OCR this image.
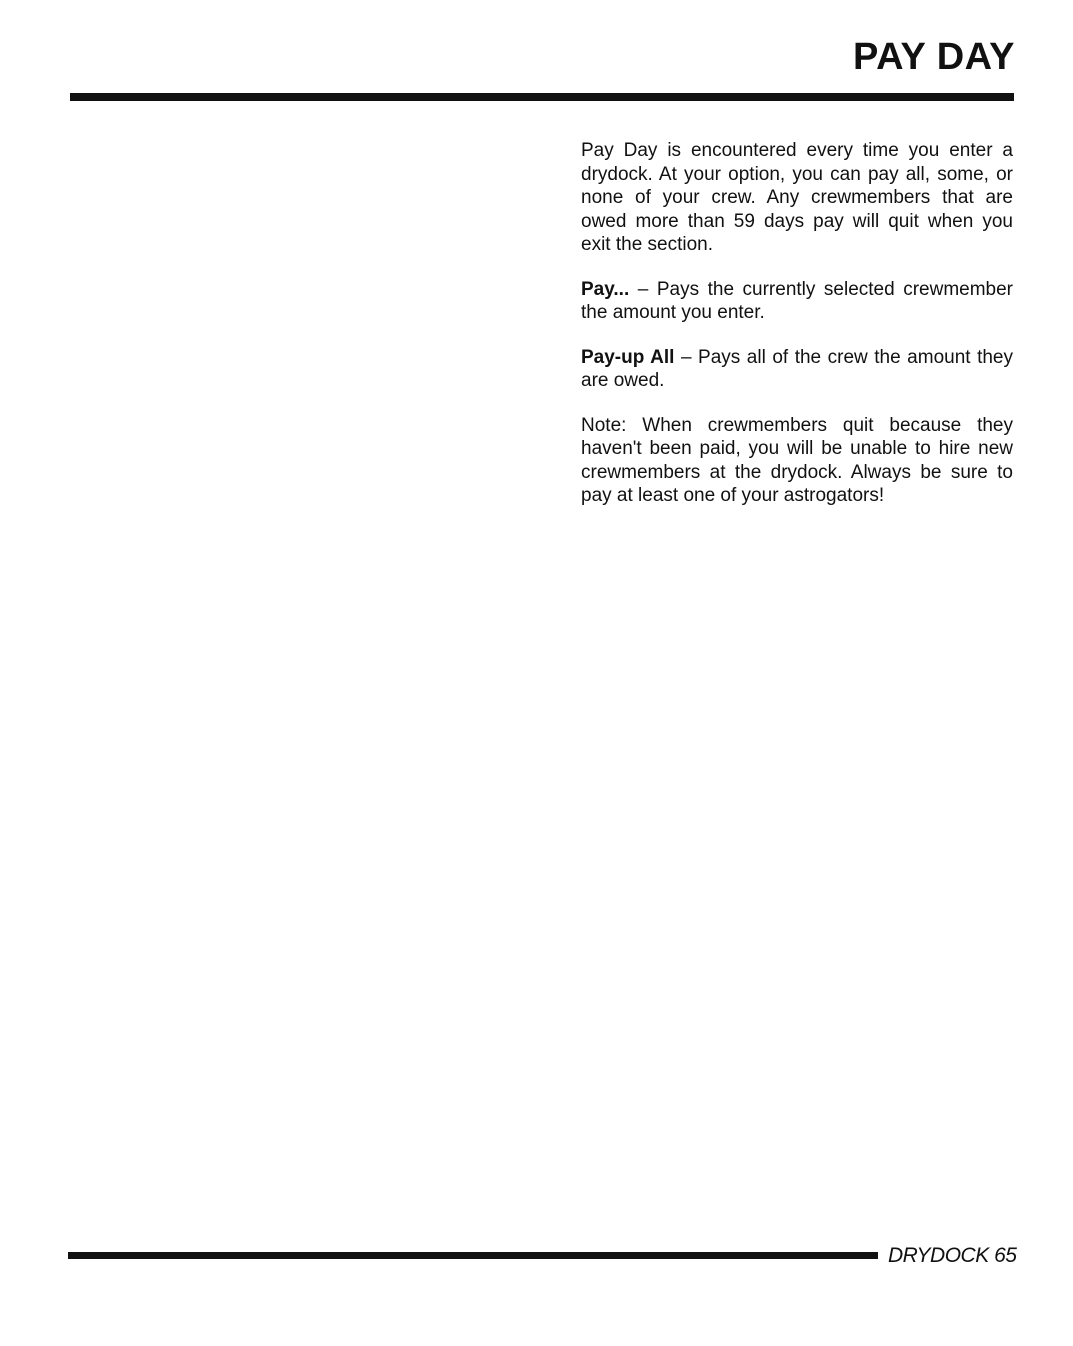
PAY DAY

Pay Day is encountered every time you enter a drydock. At your option, you can pay all, some, or none of your crew. Any crewmembers that are owed more than 59 days pay will quit when you exit the section.

Pay... – Pays the currently selected crewmember the amount you enter.

Pay-up All – Pays all of the crew the amount they are owed.

Note: When crewmembers quit because they haven't been paid, you will be unable to hire new crewmembers at the drydock. Always be sure to pay at least one of your astrogators!

DRYDOCK 65
